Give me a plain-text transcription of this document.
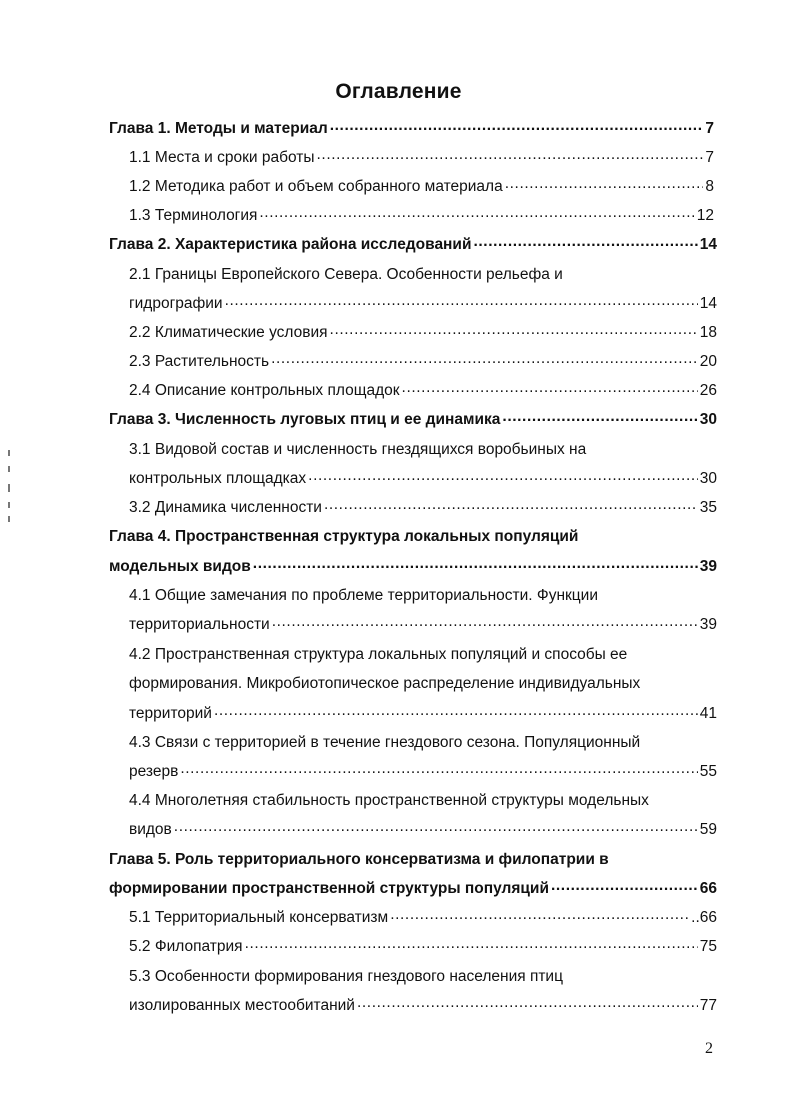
Оглавление
Глава 1. Методы и материал .....	7
1.1 Места и сроки работы .....	7
1.2 Методика работ и объем собранного материала .....	8
1.3 Терминология .....	12
Глава 2. Характеристика района исследований .....	14
2.1 Границы Европейского Севера. Особенности рельефа и
гидрографии .....	14
2.2 Климатические условия .....	18
2.3 Растительность .....	20
2.4 Описание контрольных площадок .....	26
Глава 3. Численность луговых птиц и ее динамика .....	30
3.1 Видовой состав и численность гнездящихся воробьиных на
контрольных площадках .....	30
3.2 Динамика численности .....	35
Глава 4. Пространственная структура локальных популяций
модельных видов .....	39
4.1 Общие замечания по проблеме территориальности. Функции
территориальности .....	39
4.2 Пространственная структура локальных популяций и способы ее
формирования. Микробиотопическое распределение индивидуальных
территорий .....	41
4.3 Связи с территорией в течение гнездового сезона. Популяционный
резерв .....	55
4.4 Многолетняя стабильность пространственной структуры модельных
видов .....	59
Глава 5. Роль территориального консерватизма и филопатрии в
формировании пространственной структуры популяций .....	66
5.1 Территориальный консерватизм .....	..66
5.2 Филопатрия .....	75
5.3 Особенности формирования гнездового населения птиц
изолированных местообитаний .....	77
2
